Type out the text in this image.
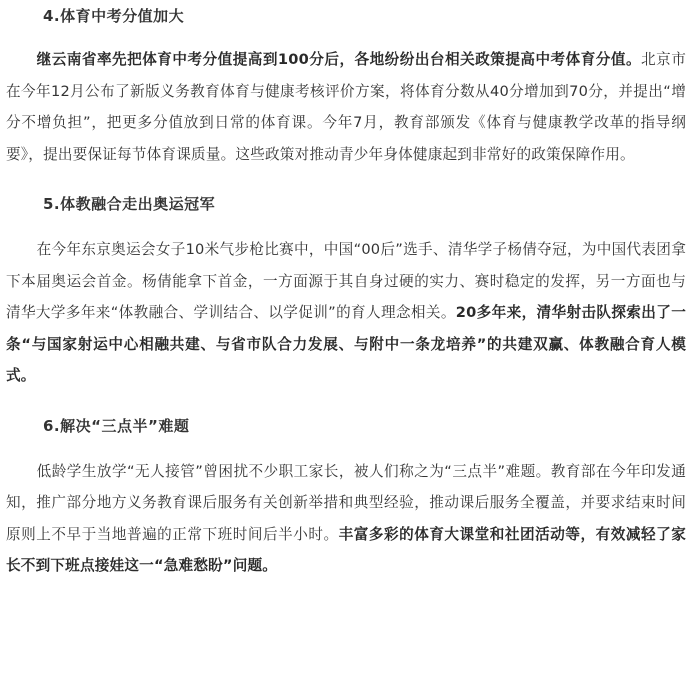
4.体育中考分值加大

继云南省率先把体育中考分值提高到100分后，各地纷纷出台相关政策提高中考体育分值。北京市在今年12月公布了新版义务教育体育与健康考核评价方案，将体育分数从40分增加到70分，并提出“增分不增负担”，把更多分值放到日常的体育课。今年7月，教育部颁发《体育与健康教学改革的指导纲要》，提出要保证每节体育课质量。这些政策对推动青少年身体健康起到非常好的政策保障作用。

5.体教融合走出奥运冠军

在今年东京奥运会女子10米气步枪比赛中，中国“00后”选手、清华学子杨倩夺冠，为中国代表团拿下本届奥运会首金。杨倩能拿下首金，一方面源于其自身过硬的实力、赛时稳定的发挥，另一方面也与清华大学多年来“体教融合、学训结合、以学促训”的育人理念相关。20多年来，清华射击队探索出了一条“与国家射运中心相融共建、与省市队合力发展、与附中一条龙培养”的共建双赢、体教融合育人模式。

6.解决“三点半”难题

低龄学生放学“无人接管”曾困扰不少职工家长，被人们称之为“三点半”难题。教育部在今年印发通知，推广部分地方义务教育课后服务有关创新举措和典型经验，推动课后服务全覆盖，并要求结束时间原则上不早于当地普遍的正常下班时间后半小时。丰富多彩的体育大课堂和社团活动等，有效减轻了家长不到下班点接娃这一“急难愁盼”问题。
